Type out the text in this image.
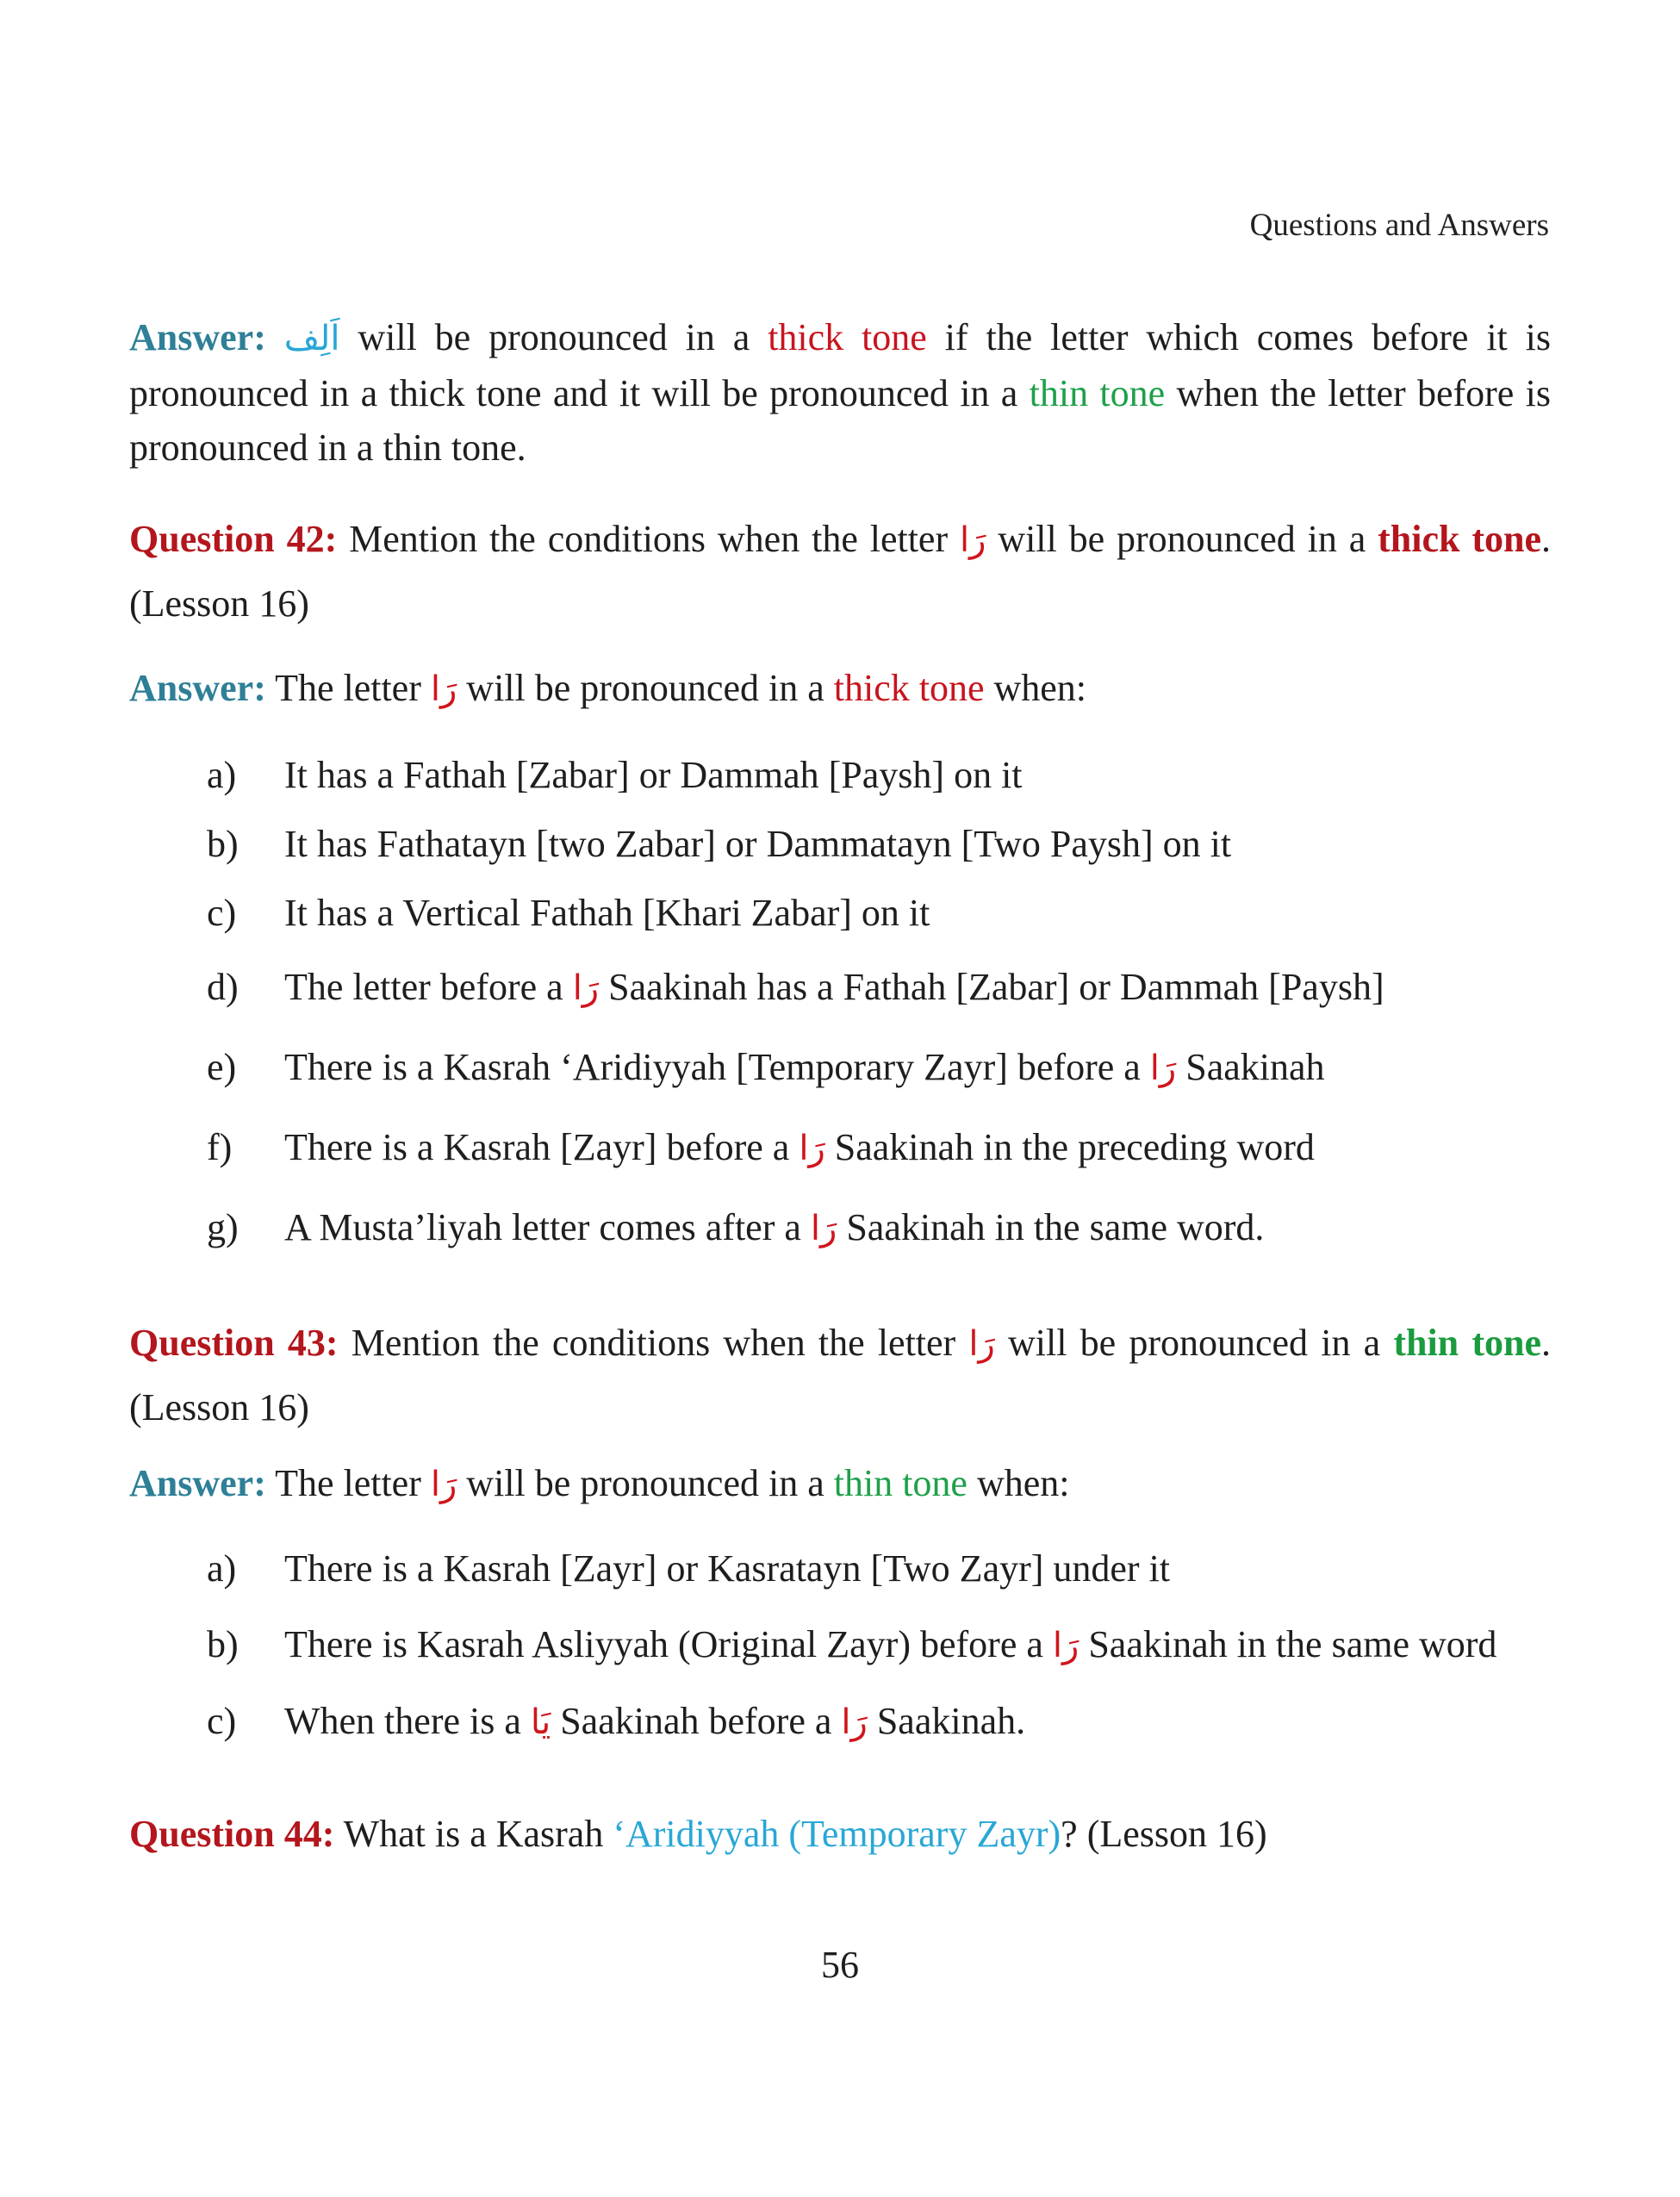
Questions and Answers

Answer: اَلِف will be pronounced in a thick tone if the letter which comes before it is pronounced in a thick tone and it will be pronounced in a thin tone when the letter before is pronounced in a thin tone.

Question 42: Mention the conditions when the letter رَا will be pronounced in a thick tone. (Lesson 16)

Answer: The letter رَا will be pronounced in a thick tone when:

a) It has a Fathah [Zabar] or Dammah [Paysh] on it
b) It has Fathatayn [two Zabar] or Dammatayn [Two Paysh] on it
c) It has a Vertical Fathah [Khari Zabar] on it
d) The letter before a رَا Saakinah has a Fathah [Zabar] or Dammah [Paysh]
e) There is a Kasrah ‘Aridiyyah [Temporary Zayr] before a رَا Saakinah
f) There is a Kasrah [Zayr] before a رَا Saakinah in the preceding word
g) A Musta’liyah letter comes after a رَا Saakinah in the same word.

Question 43: Mention the conditions when the letter رَا will be pronounced in a thin tone. (Lesson 16)

Answer: The letter رَا will be pronounced in a thin tone when:

a) There is a Kasrah [Zayr] or Kasratayn [Two Zayr] under it
b) There is Kasrah Asliyyah (Original Zayr) before a رَا Saakinah in the same word
c) When there is a يَا Saakinah before a رَا Saakinah.

Question 44: What is a Kasrah ‘Aridiyyah (Temporary Zayr)? (Lesson 16)

56
